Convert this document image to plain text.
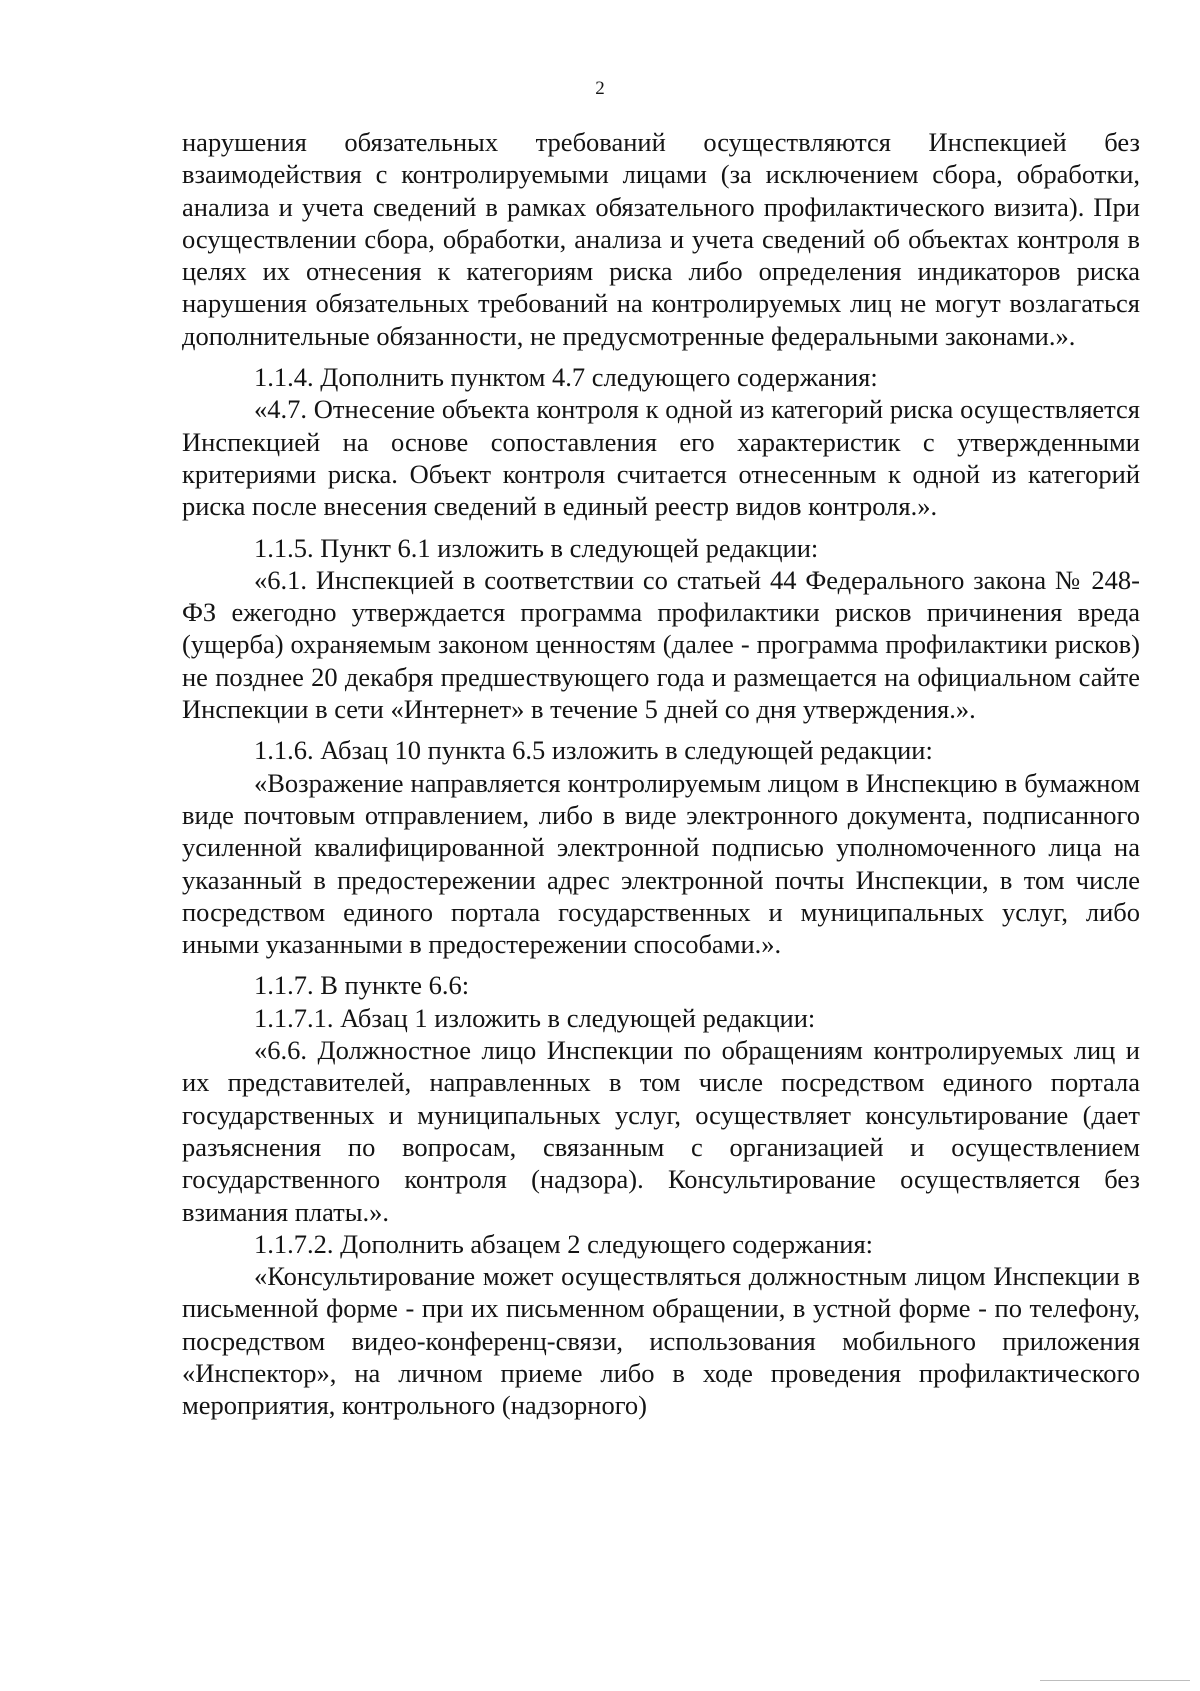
2

нарушения обязательных требований осуществляются Инспекцией без взаимодействия с контролируемыми лицами (за исключением сбора, обработки, анализа и учета сведений в рамках обязательного профилактического визита). При осуществлении сбора, обработки, анализа и учета сведений об объектах контроля в целях их отнесения к категориям риска либо определения индикаторов риска нарушения обязательных требований на контролируемых лиц не могут возлагаться дополнительные обязанности, не предусмотренные федеральными законами.».

1.1.4. Дополнить пунктом 4.7 следующего содержания:

«4.7. Отнесение объекта контроля к одной из категорий риска осуществляется Инспекцией на основе сопоставления его характеристик с утвержденными критериями риска. Объект контроля считается отнесенным к одной из категорий риска после внесения сведений в единый реестр видов контроля.».

1.1.5. Пункт 6.1 изложить в следующей редакции:

«6.1. Инспекцией в соответствии со статьей 44 Федерального закона № 248-ФЗ ежегодно утверждается программа профилактики рисков причинения вреда (ущерба) охраняемым законом ценностям (далее - программа профилактики рисков) не позднее 20 декабря предшествующего года и размещается на официальном сайте Инспекции в сети «Интернет» в течение 5 дней со дня утверждения.».

1.1.6. Абзац 10 пункта 6.5 изложить в следующей редакции:

«Возражение направляется контролируемым лицом в Инспекцию в бумажном виде почтовым отправлением, либо в виде электронного документа, подписанного усиленной квалифицированной электронной подписью уполномоченного лица на указанный в предостережении адрес электронной почты Инспекции, в том числе посредством единого портала государственных и муниципальных услуг, либо иными указанными в предостережении способами.».

1.1.7. В пункте 6.6:

1.1.7.1. Абзац 1 изложить в следующей редакции:

«6.6. Должностное лицо Инспекции по обращениям контролируемых лиц и их представителей, направленных в том числе посредством единого портала государственных и муниципальных услуг, осуществляет консультирование (дает разъяснения по вопросам, связанным с организацией и осуществлением государственного контроля (надзора). Консультирование осуществляется без взимания платы.».

1.1.7.2. Дополнить абзацем 2 следующего содержания:

«Консультирование может осуществляться должностным лицом Инспекции в письменной форме - при их письменном обращении, в устной форме - по телефону, посредством видео-конференц-связи, использования мобильного приложения «Инспектор», на личном приеме либо в ходе проведения профилактического мероприятия, контрольного (надзорного)
